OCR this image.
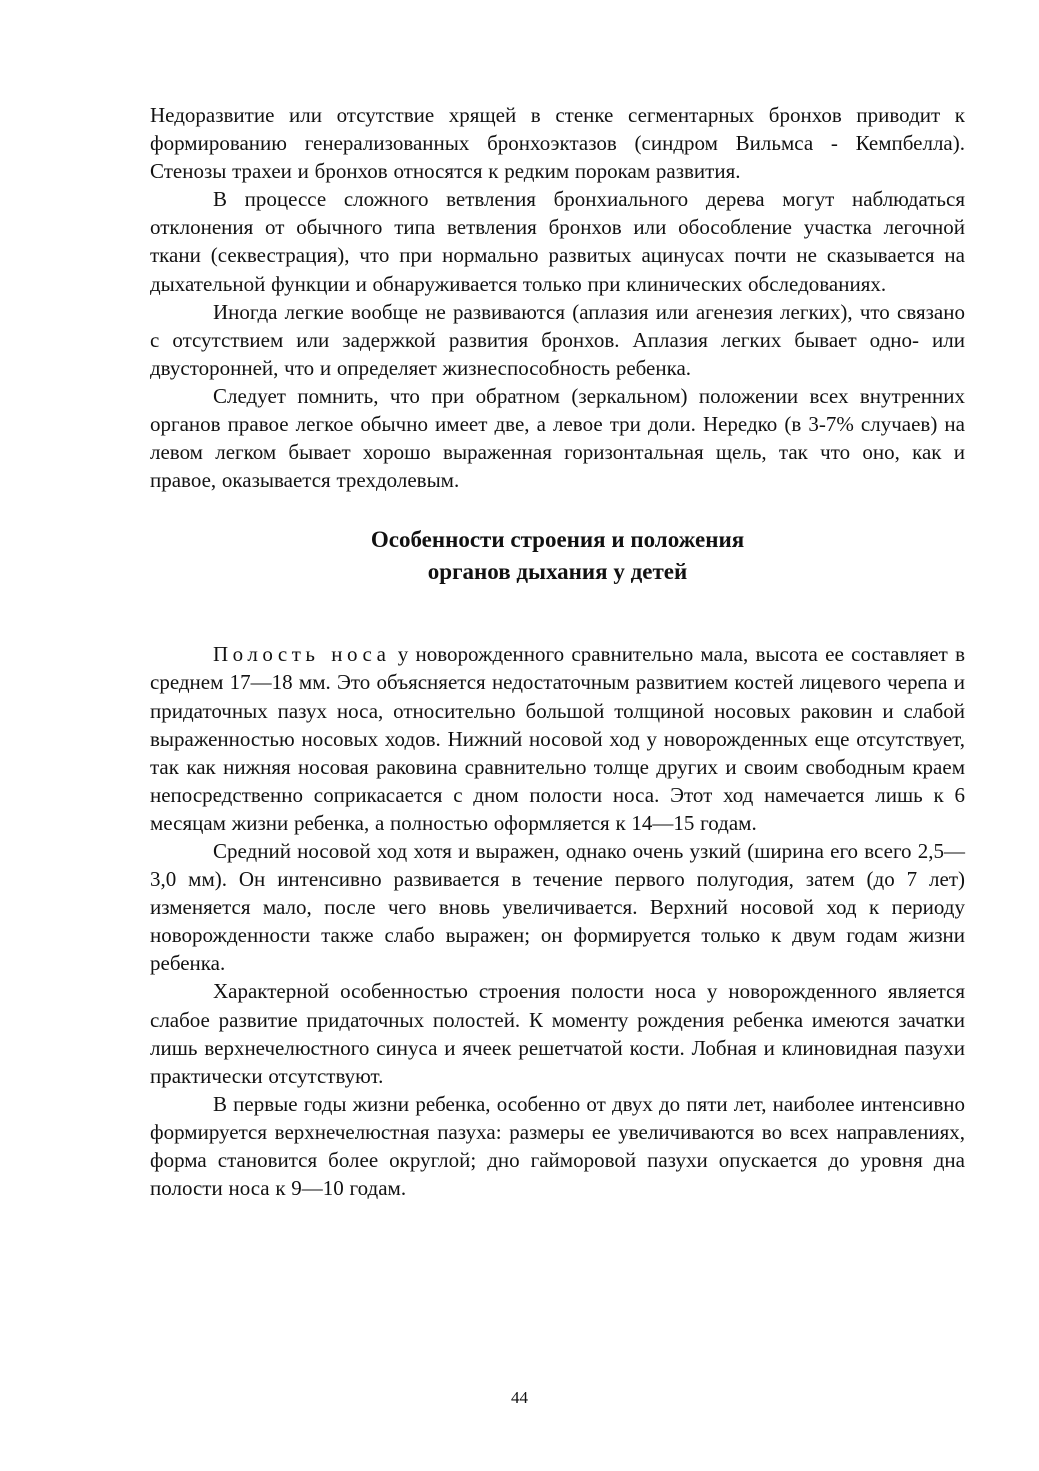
Недоразвитие или отсутствие хрящей в стенке сегментарных бронхов приводит к формированию генерализованных бронхоэктазов (синдром Вильмса - Кемпбелла). Стенозы трахеи и бронхов относятся к редким порокам развития.

В процессе сложного ветвления бронхиального дерева могут наблюдаться отклонения от обычного типа ветвления бронхов или обособление участка легочной ткани (секвестрация), что при нормально развитых ацинусах почти не сказывается на дыхательной функции и обнаруживается только при клинических обследованиях.

Иногда легкие вообще не развиваются (аплазия или агенезия легких), что связано с отсутствием или задержкой развития бронхов. Аплазия легких бывает одно- или двусторонней, что и определяет жизнеспособность ребенка.

Следует помнить, что при обратном (зеркальном) положении всех внутренних органов правое легкое обычно имеет две, а левое три доли. Нередко (в 3-7% случаев) на левом легком бывает хорошо выраженная горизонтальная щель, так что оно, как и правое, оказывается трехдолевым.

Особенности строения и положения
органов дыхания у детей

Полость носа у новорожденного сравнительно мала, высота ее составляет в среднем 17—18 мм. Это объясняется недостаточным развитием костей лицевого черепа и придаточных пазух носа, относительно большой толщиной носовых раковин и слабой выраженностью носовых ходов. Нижний носовой ход у новорожденных еще отсутствует, так как нижняя носовая раковина сравнительно толще других и своим свободным краем непосредственно соприкасается с дном полости носа. Этот ход намечается лишь к 6 месяцам жизни ребенка, а полностью оформляется к 14—15 годам.

Средний носовой ход хотя и выражен, однако очень узкий (ширина его всего 2,5—3,0 мм). Он интенсивно развивается в течение первого полугодия, затем (до 7 лет) изменяется мало, после чего вновь увеличивается. Верхний носовой ход к периоду новорожденности также слабо выражен; он формируется только к двум годам жизни ребенка.

Характерной особенностью строения полости носа у новорожденного является слабое развитие придаточных полостей. К моменту рождения ребенка имеются зачатки лишь верхнечелюстного синуса и ячеек решетчатой кости. Лобная и клиновидная пазухи практически отсутствуют.

В первые годы жизни ребенка, особенно от двух до пяти лет, наиболее интенсивно формируется верхнечелюстная пазуха: размеры ее увеличиваются во всех направлениях, форма становится более округлой; дно гайморовой пазухи опускается до уровня дна полости носа к 9—10 годам.

44
